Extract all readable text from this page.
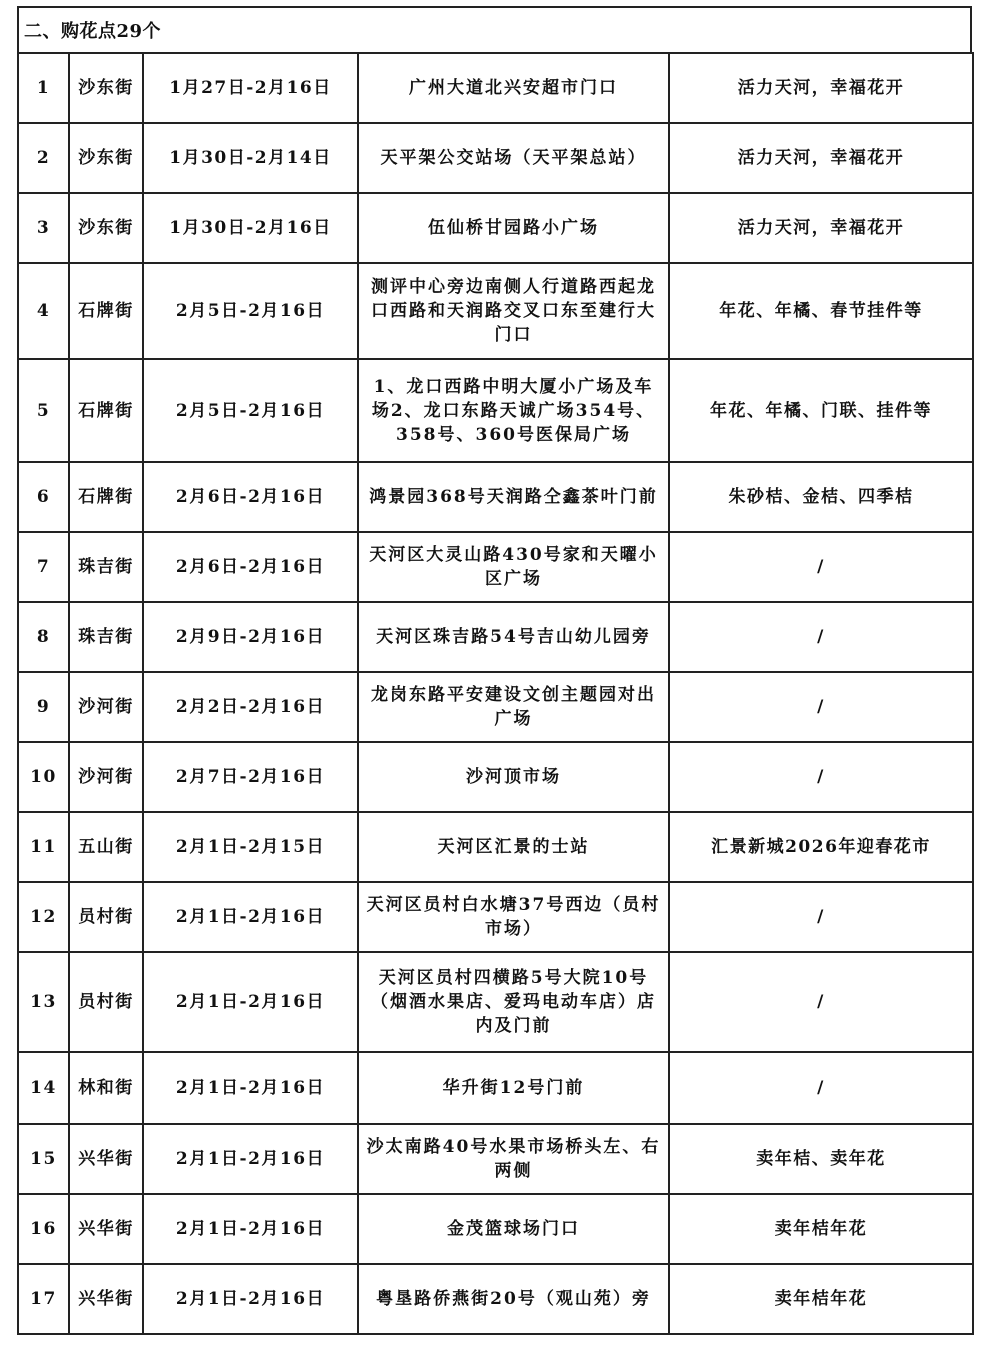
二、购花点29个
1	沙东街	1月27日-2月16日	广州大道北兴安超市门口	活力天河，幸福花开
2	沙东街	1月30日-2月14日	天平架公交站场（天平架总站）	活力天河，幸福花开
3	沙东街	1月30日-2月16日	伍仙桥甘园路小广场	活力天河，幸福花开
4	石牌街	2月5日-2月16日	测评中心旁边南侧人行道路西起龙口西路和天润路交叉口东至建行大门口	年花、年橘、春节挂件等
5	石牌街	2月5日-2月16日	1、龙口西路中明大厦小广场及车场2、龙口东路天诚广场354号、358号、360号医保局广场	年花、年橘、门联、挂件等
6	石牌街	2月6日-2月16日	鸿景园368号天润路仝鑫茶叶门前	朱砂桔、金桔、四季桔
7	珠吉街	2月6日-2月16日	天河区大灵山路430号家和天曜小区广场	/
8	珠吉街	2月9日-2月16日	天河区珠吉路54号吉山幼儿园旁	/
9	沙河街	2月2日-2月16日	龙岗东路平安建设文创主题园对出广场	/
10	沙河街	2月7日-2月16日	沙河顶市场	/
11	五山街	2月1日-2月15日	天河区汇景的士站	汇景新城2026年迎春花市
12	员村街	2月1日-2月16日	天河区员村白水塘37号西边（员村市场）	/
13	员村街	2月1日-2月16日	天河区员村四横路5号大院10号（烟酒水果店、爱玛电动车店）店内及门前	/
14	林和街	2月1日-2月16日	华升街12号门前	/
15	兴华街	2月1日-2月16日	沙太南路40号水果市场桥头左、右两侧	卖年桔、卖年花
16	兴华街	2月1日-2月16日	金茂篮球场门口	卖年桔年花
17	兴华街	2月1日-2月16日	粤垦路侨燕街20号（观山苑）旁	卖年桔年花
